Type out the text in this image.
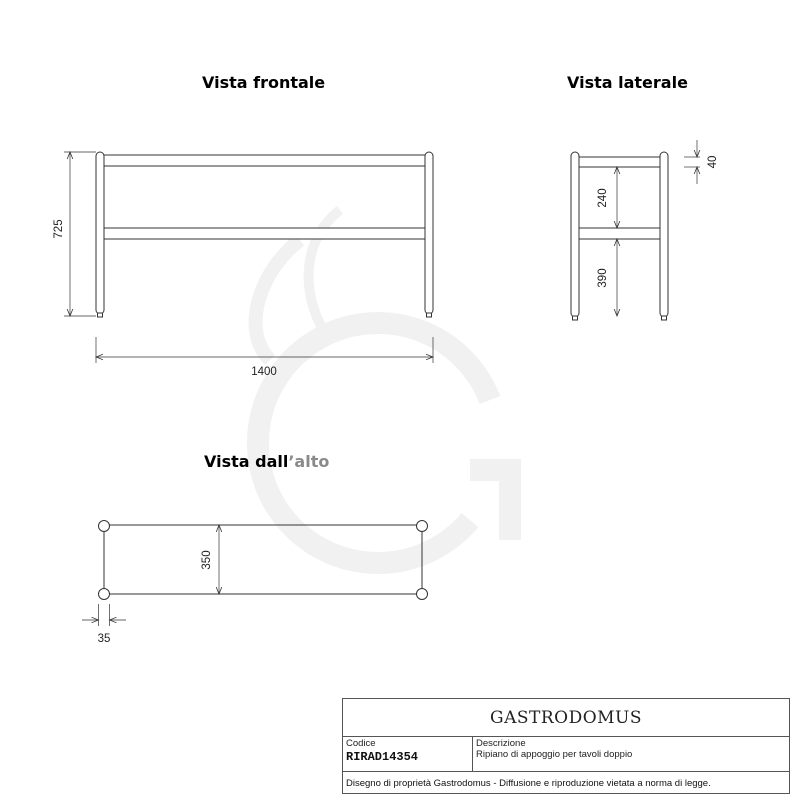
725
1400
240
390
40
350
35
Vista frontale	Vista laterale
Vista dall’alto
GASTRODOMUS
Codice
RIRAD14354
Descrizione
Ripiano di appoggio per tavoli doppio
Disegno di proprietà Gastrodomus - Diffusione e riproduzione vietata a norma di legge.
